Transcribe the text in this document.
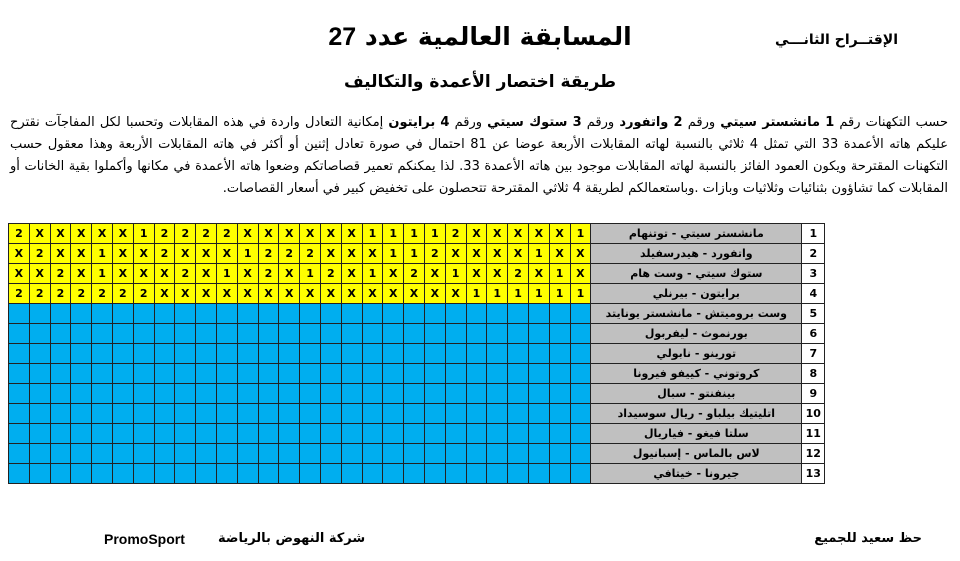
الإقتــراح الثانـــي
المسابقة العالمية عدد 27
طريقة اختصار الأعمدة والتكاليف
حسب التكهنات رقم 1 مانشستر سيتي ورقم 2 واتفورد ورقم 3 ستوك سيتي ورقم 4 برايتون إمكانية التعادل واردة في هذه المقابلات وتحسبا لكل المفاجآت نقترح عليكم هاته الأعمدة 33 التي تمثل 4 ثلاثي بالنسبة لهاته المقابلات الأربعة عوضا عن 81 احتمال في صورة تعادل إثنين أو أكثر في هاته المقابلات الأربعة وهذا معقول حسب التكهنات المقترحة ويكون العمود الفائز بالنسبة لهاته المقابلات موجود بين هاته الأعمدة 33. لذا يمكنكم تعمير قصاصاتكم وضعوا هاته الأعمدة في مكانها وأكملوا بقية الخانات أو المقابلات كما تشاؤون بثنائيات وثلاثيات وبازات .وباستعمالكم لطريقة 4 ثلاثي المقترحة تتحصلون على تخفيض كبير في أسعار القصاصات.
2	X	X	X	X	X	1	2	2	2	2	X	X	X	X	X	X	1	1	1	1	2	X	X	X	X	X	1	مانشستر سيتي - توتنهام	1
X	2	X	X	1	X	X	2	X	X	X	1	2	2	2	X	X	X	1	1	2	X	X	X	X	1	X	X	واتفورد - هيدرسفيلد	2
X	X	2	X	1	X	X	X	2	X	1	X	2	X	1	2	X	1	X	2	X	1	X	X	2	X	1	X	ستوك سيتي - وست هام	3
2	2	2	2	2	2	2	X	X	X	X	X	X	X	X	X	X	X	X	X	X	X	1	1	1	1	1	1	برايتون - بيرنلي	4
																												وست بروميتش - مانشستر يونايتد	5
																												بورنموث - ليفربول	6
																												تورينو - نابولي	7
																												كروتوني - كييفو فيرونا	8
																												بينفنتو - سبال	9
																												اتليتيك بيلباو - ريال سوسيداد	10
																												سلتا فيغو - فياريال	11
																												لاس بالماس - إسبانيول	12
																												جيرونا - خيتافي	13
حظ سعيد للجميع
شركة النهوض بالرياضة
PromoSport
